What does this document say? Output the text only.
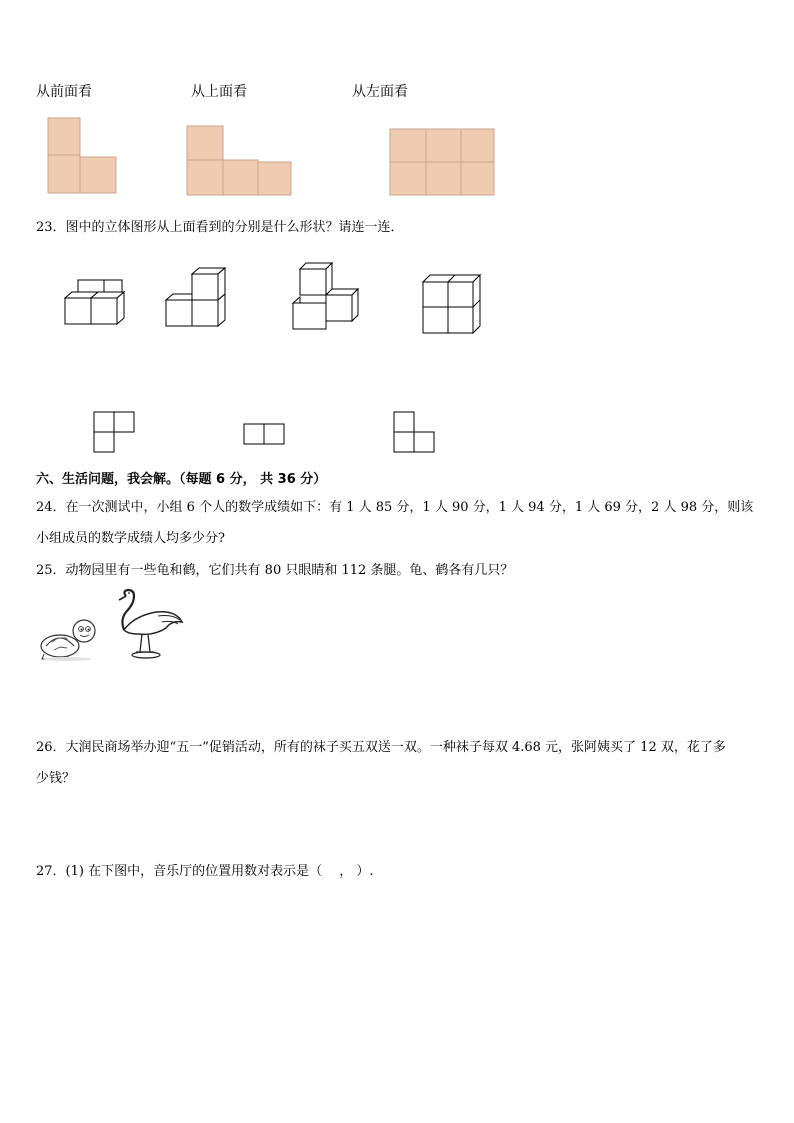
从前面看	从上面看	从左面看
23．图中的立体图形从上面看到的分别是什么形状？请连一连．
六、生活问题，我会解。（每题 6 分， 共 36 分）
24．在一次测试中，小组 6 个人的数学成绩如下：有 1 人 85 分，1 人 90 分，1 人 94 分，1 人 69 分，2 人 98 分，则该
小组成员的数学成绩人均多少分?
25．动物园里有一些龟和鹤，它们共有 80 只眼睛和 112 条腿。龟、鹤各有几只？
26．大润民商场举办迎“五一”促销活动，所有的袜子买五双送一双。一种袜子每双 4.68 元，张阿姨买了 12 双，花了多
少钱？
27．(1) 在下图中，音乐厅的位置用数对表示是（　 ， ）.
